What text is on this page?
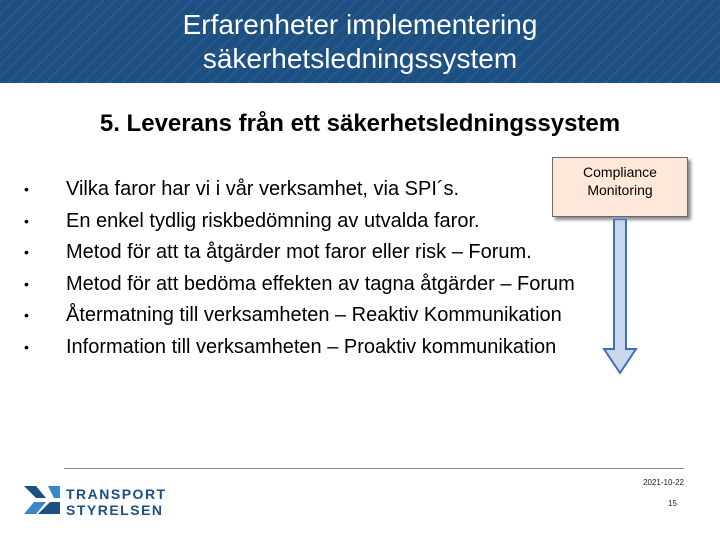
Erfarenheter implementering
säkerhetsledningssystem
5. Leverans från ett säkerhetsledningssystem
•	Vilka faror har vi i vår verksamhet, via SPI´s.
•	En enkel tydlig riskbedömning av utvalda faror.
•	Metod för att ta åtgärder mot faror eller risk – Forum.
•	Metod för att bedöma effekten av tagna åtgärder – Forum
•	Återmatning till verksamheten – Reaktiv Kommunikation
•	Information till verksamheten – Proaktiv kommunikation
Compliance
Monitoring
TRANSPORT
STYRELSEN
2021-10-22
15
